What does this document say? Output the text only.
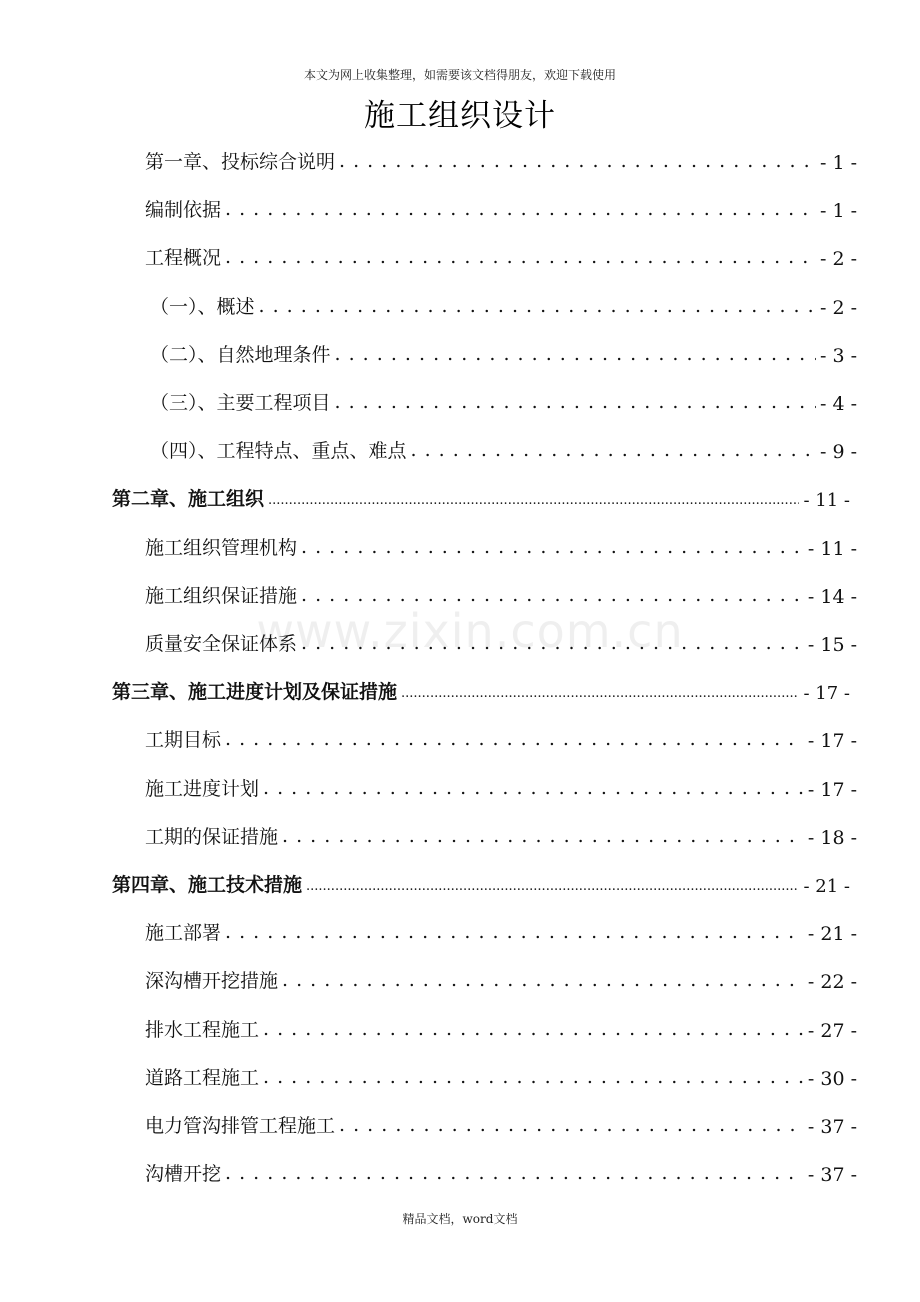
本文为网上收集整理，如需要该文档得朋友，欢迎下载使用
施工组织设计
www.zixin.com.cn
第一章、投标综合说明 . . .	- 1 -
编制依据 . . .	- 1 -
工程概况 . . .	- 2 -
（一）、概述 . . .	- 2 -
（二）、自然地理条件 . . .	- 3 -
（三）、主要工程项目 . . .	- 4 -
（四）、工程特点、重点、难点 . . .	- 9 -
第二章、施工组织 .....	- 11 -
施工组织管理机构 . . .	- 11 -
施工组织保证措施 . . .	- 14 -
质量安全保证体系 . . .	- 15 -
第三章、施工进度计划及保证措施 .....	- 17 -
工期目标 . . .	- 17 -
施工进度计划 . . .	- 17 -
工期的保证措施 . . .	- 18 -
第四章、施工技术措施 .....	- 21 -
施工部署 . . .	- 21 -
深沟槽开挖措施 . . .	- 22 -
排水工程施工 . . .	- 27 -
道路工程施工 . . .	- 30 -
电力管沟排管工程施工 . . .	- 37 -
沟槽开挖 . . .	- 37 -
精品文档，word文档
